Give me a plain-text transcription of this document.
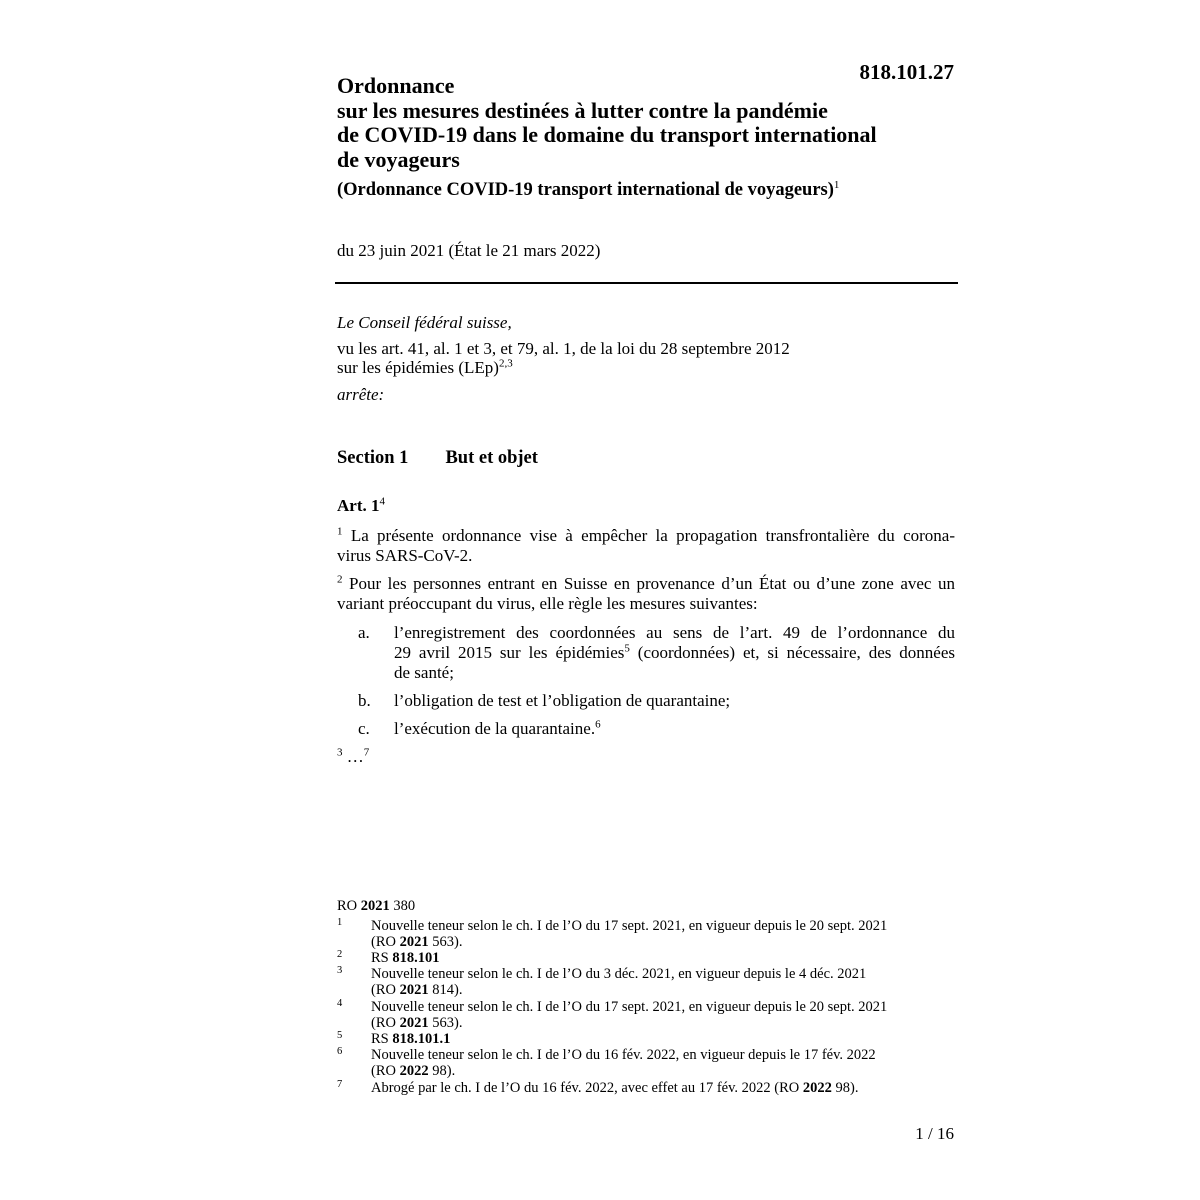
818.101.27
Ordonnance
sur les mesures destinées à lutter contre la pandémie
de COVID-19 dans le domaine du transport international
de voyageurs
(Ordonnance COVID-19 transport international de voyageurs)$^1$
du 23 juin 2021 (État le 21 mars 2022)
Le Conseil fédéral suisse,
vu les art. 41, al. 1 et 3, et 79, al. 1, de la loi du 28 septembre 2012
sur les épidémies (LEp)$^{2,3}$
arrête:
Section 1 But et objet
Art. $1^4$
$^1$ La présente ordonnance vise à empêcher la propagation transfrontalière du corona-
virus SARS-CoV-2.
$^2$ Pour les personnes entrant en Suisse en provenance d’un État ou d’une zone avec un
variant préoccupant du virus, elle règle les mesures suivantes:
a. l’enregistrement des coordonnées au sens de l’art. 49 de l’ordonnance du
29 avril 2015 sur les épidémies$^5$ (coordonnées) et, si nécessaire, des données
de santé;
b. l’obligation de test et l’obligation de quarantaine;
c. l’exécution de la quarantaine.$^6$
$^3$ …$^7$
RO 2021 380
1 Nouvelle teneur selon le ch. I de l’O du 17 sept. 2021, en vigueur depuis le 20 sept. 2021
(RO 2021 563).
2 RS 818.101
3 Nouvelle teneur selon le ch. I de l’O du 3 déc. 2021, en vigueur depuis le 4 déc. 2021
(RO 2021 814).
4 Nouvelle teneur selon le ch. I de l’O du 17 sept. 2021, en vigueur depuis le 20 sept. 2021
(RO 2021 563).
5 RS 818.101.1
6 Nouvelle teneur selon le ch. I de l’O du 16 fév. 2022, en vigueur depuis le 17 fév. 2022
(RO 2022 98).
7 Abrogé par le ch. I de l’O du 16 fév. 2022, avec effet au 17 fév. 2022 (RO 2022 98).
1 / 16
